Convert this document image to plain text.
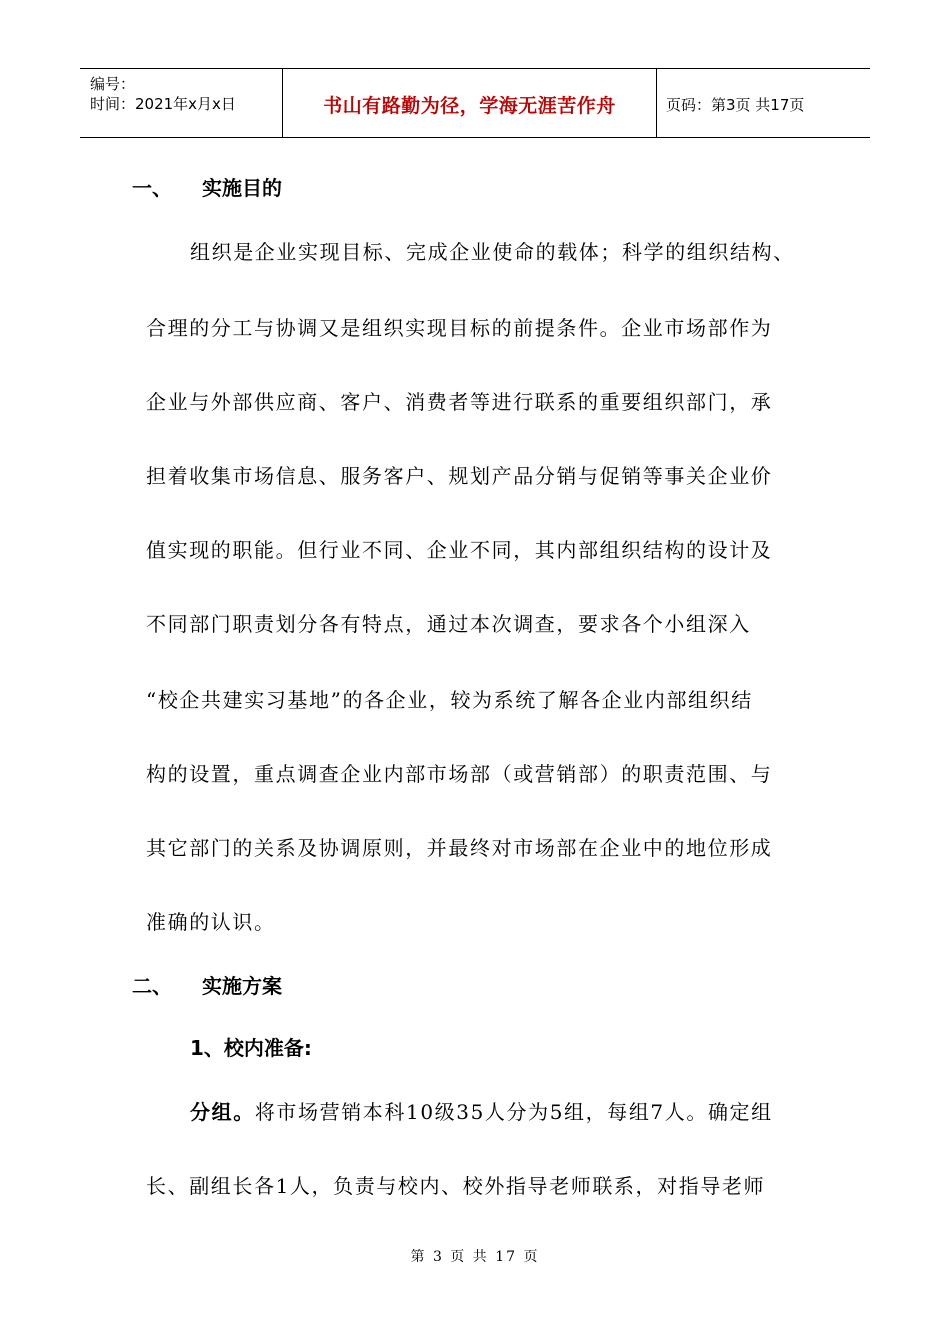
编号：
时间：2021年x月x日	书山有路勤为径，学海无涯苦作舟	页码：第3页 共17页
一、 实施目的
组织是企业实现目标、完成企业使命的载体；科学的组织结构、
合理的分工与协调又是组织实现目标的前提条件。企业市场部作为
企业与外部供应商、客户、消费者等进行联系的重要组织部门，承
担着收集市场信息、服务客户、规划产品分销与促销等事关企业价
值实现的职能。但行业不同、企业不同，其内部组织结构的设计及
不同部门职责划分各有特点，通过本次调查，要求各个小组深入
“校企共建实习基地”的各企业，较为系统了解各企业内部组织结
构的设置，重点调查企业内部市场部（或营销部）的职责范围、与
其它部门的关系及协调原则，并最终对市场部在企业中的地位形成
准确的认识。
二、 实施方案
1、校内准备:
分组。将市场营销本科10级35人分为5组，每组7人。确定组
长、副组长各1人，负责与校内、校外指导老师联系，对指导老师
第 3 页 共 17 页
